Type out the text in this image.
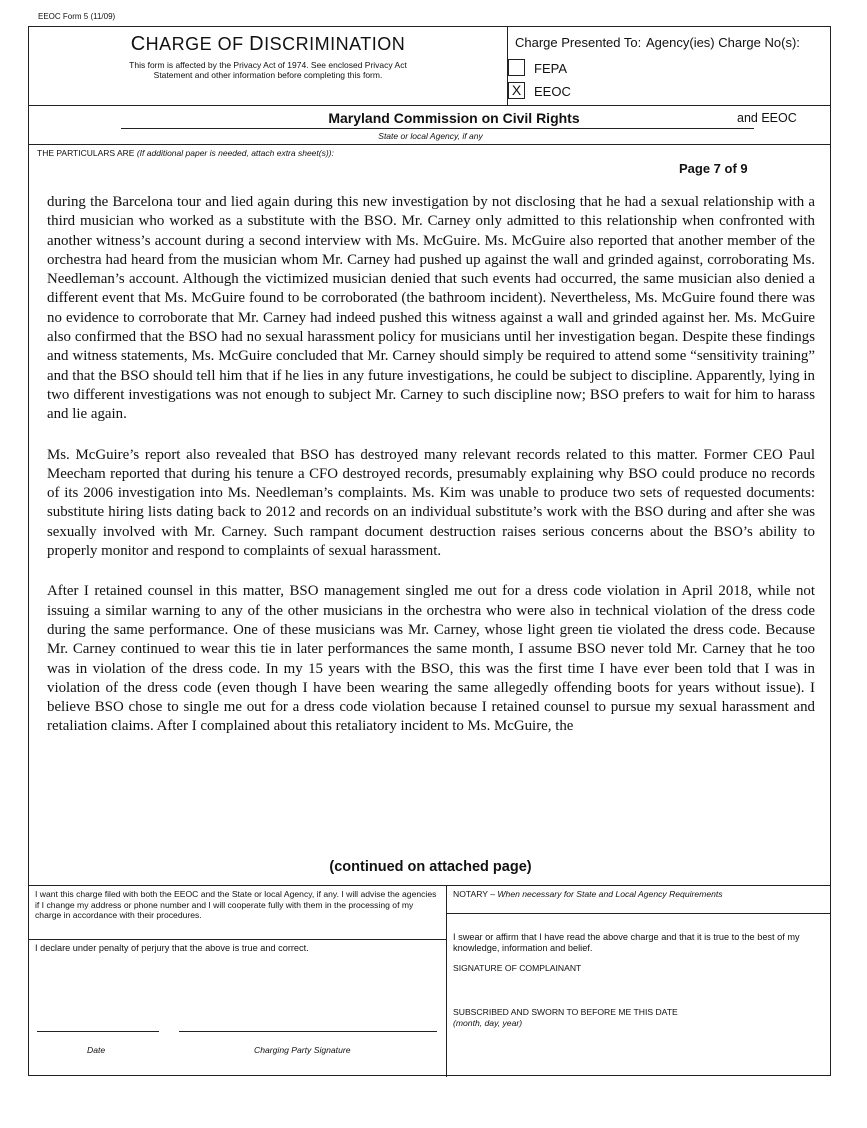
EEOC Form 5 (11/09)
CHARGE OF DISCRIMINATION
This form is affected by the Privacy Act of 1974. See enclosed Privacy Act
Statement and other information before completing this form.
Charge Presented To: Agency(ies) Charge No(s):
FEPA
X EEOC
Maryland Commission on Civil Rights	and EEOC
State or local Agency, if any
THE PARTICULARS ARE (If additional paper is needed, attach extra sheet(s)):
Page 7 of 9

during the Barcelona tour and lied again during this new investigation by not disclosing that he had a sexual relationship with a third musician who worked as a substitute with the BSO. Mr. Carney only admitted to this relationship when confronted with another witness’s account during a second interview with Ms. McGuire. Ms. McGuire also reported that another member of the orchestra had heard from the musician whom Mr. Carney had pushed up against the wall and grinded against, corroborating Ms. Needleman’s account. Although the victimized musician denied that such events had occurred, the same musician also denied a different event that Ms. McGuire found to be corroborated (the bathroom incident). Nevertheless, Ms. McGuire found there was no evidence to corroborate that Mr. Carney had indeed pushed this witness against a wall and grinded against her. Ms. McGuire also confirmed that the BSO had no sexual harassment policy for musicians until her investigation began. Despite these findings and witness statements, Ms. McGuire concluded that Mr. Carney should simply be required to attend some “sensitivity training” and that the BSO should tell him that if he lies in any future investigations, he could be subject to discipline. Apparently, lying in two different investigations was not enough to subject Mr. Carney to such discipline now; BSO prefers to wait for him to harass and lie again.

Ms. McGuire’s report also revealed that BSO has destroyed many relevant records related to this matter. Former CEO Paul Meecham reported that during his tenure a CFO destroyed records, presumably explaining why BSO could produce no records of its 2006 investigation into Ms. Needleman’s complaints. Ms. Kim was unable to produce two sets of requested documents: substitute hiring lists dating back to 2012 and records on an individual substitute’s work with the BSO during and after she was sexually involved with Mr. Carney. Such rampant document destruction raises serious concerns about the BSO’s ability to properly monitor and respond to complaints of sexual harassment.

After I retained counsel in this matter, BSO management singled me out for a dress code violation in April 2018, while not issuing a similar warning to any of the other musicians in the orchestra who were also in technical violation of the dress code during the same performance. One of these musicians was Mr. Carney, whose light green tie violated the dress code. Because Mr. Carney continued to wear this tie in later performances the same month, I assume BSO never told Mr. Carney that he too was in violation of the dress code. In my 15 years with the BSO, this was the first time I have ever been told that I was in violation of the dress code (even though I have been wearing the same allegedly offending boots for years without issue). I believe BSO chose to single me out for a dress code violation because I retained counsel to pursue my sexual harassment and retaliation claims. After I complained about this retaliatory incident to Ms. McGuire, the

(continued on attached page)
I want this charge filed with both the EEOC and the State or local Agency, if any. I will advise the agencies if I change my address or phone number and I will cooperate fully with them in the processing of my charge in accordance with their procedures.
NOTARY – When necessary for State and Local Agency Requirements
I declare under penalty of perjury that the above is true and correct.
I swear or affirm that I have read the above charge and that it is true to the best of my knowledge, information and belief.
SIGNATURE OF COMPLAINANT
SUBSCRIBED AND SWORN TO BEFORE ME THIS DATE
(month, day, year)
Date	Charging Party Signature
